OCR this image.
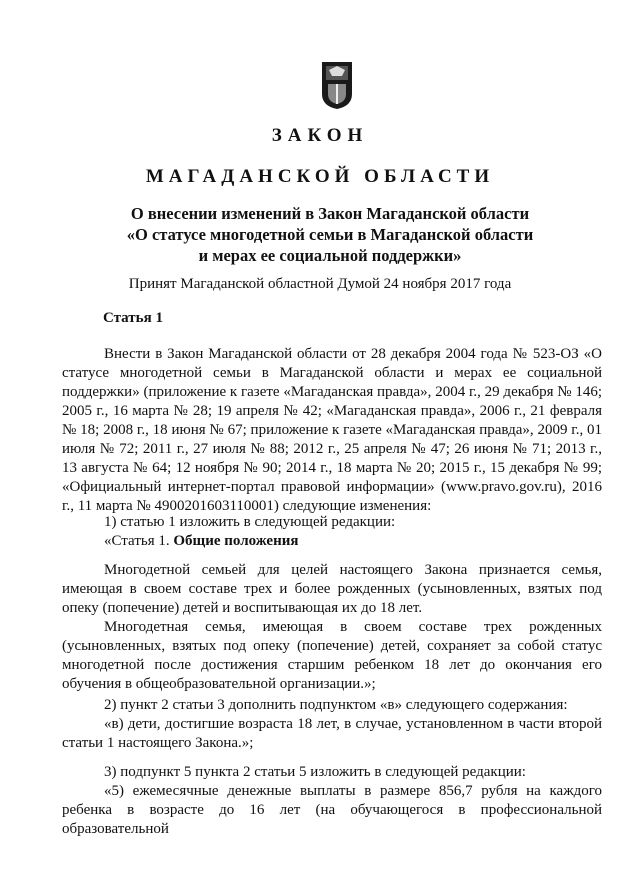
ЗАКОН
МАГАДАНСКОЙ ОБЛАСТИ
О внесении изменений в Закон Магаданской области
«О статусе многодетной семьи в Магаданской области
и мерах ее социальной поддержки»
Принят Магаданской областной Думой 24 ноября 2017 года
Статья 1

Внести в Закон Магаданской области от 28 декабря 2004 года № 523-ОЗ «О статусе многодетной семьи в Магаданской области и мерах ее социальной поддержки» (приложение к газете «Магаданская правда», 2004 г., 29 декабря № 146; 2005 г., 16 марта № 28; 19 апреля № 42; «Магаданская правда», 2006 г., 21 февраля № 18; 2008 г., 18 июня № 67; приложение к газете «Магаданская правда», 2009 г., 01 июля № 72; 2011 г., 27 июля № 88; 2012 г., 25 апреля № 47; 26 июня № 71; 2013 г., 13 августа № 64; 12 ноября № 90; 2014 г., 18 марта № 20; 2015 г., 15 декабря № 99; «Официальный интернет-портал правовой информации» (www.pravo.gov.ru), 2016 г., 11 марта № 4900201603110001) следующие изменения:

1) статью 1 изложить в следующей редакции:

«Статья 1. Общие положения

Многодетной семьей для целей настоящего Закона признается семья, имеющая в своем составе трех и более рожденных (усыновленных, взятых под опеку (попечение) детей и воспитывающая их до 18 лет.

Многодетная семья, имеющая в своем составе трех рожденных (усыновленных, взятых под опеку (попечение) детей, сохраняет за собой статус многодетной после достижения старшим ребенком 18 лет до окончания его обучения в общеобразовательной организации.»;

2) пункт 2 статьи 3 дополнить подпунктом «в» следующего содержания:

«в) дети, достигшие возраста 18 лет, в случае, установленном в части второй статьи 1 настоящего Закона.»;

3) подпункт 5 пункта 2 статьи 5 изложить в следующей редакции:

«5) ежемесячные денежные выплаты в размере 856,7 рубля на каждого ребенка в возрасте до 16 лет (на обучающегося в профессиональной образовательной
